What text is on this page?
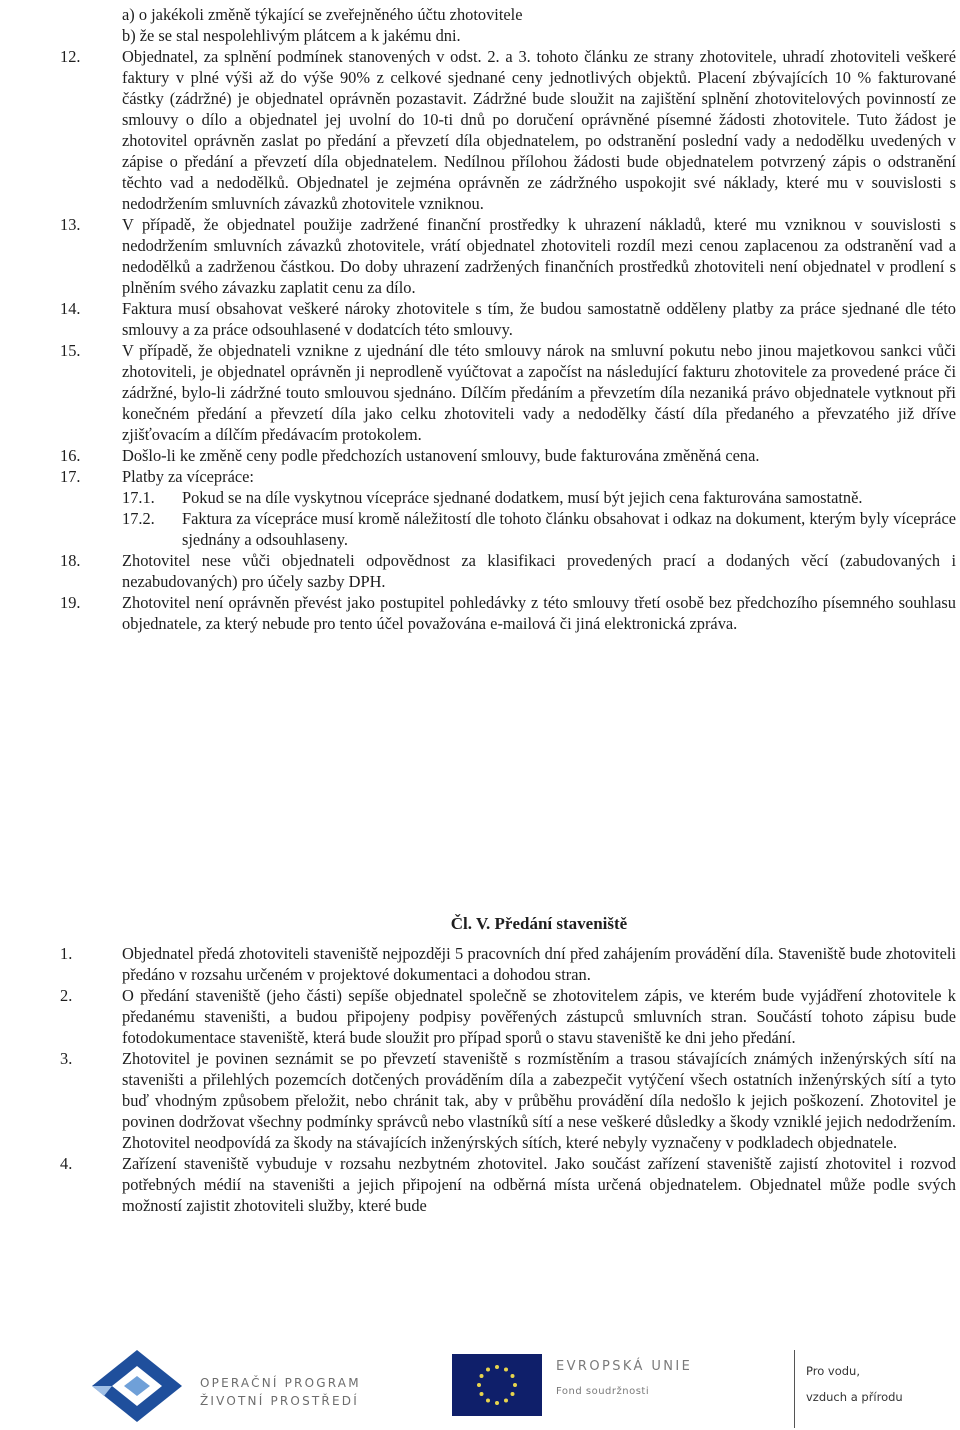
a) o jakékoli změně týkající se zveřejněného účtu zhotovitele
b) že se stal nespolehlivým plátcem a k jakému dni.
12.	Objednatel, za splnění podmínek stanovených v odst. 2. a 3. tohoto článku ze strany zhotovitele, uhradí zhotoviteli veškeré faktury v plné výši až do výše 90% z celkové sjednané ceny jednotlivých objektů. Placení zbývajících 10 % fakturované částky (zádržné) je objednatel oprávněn pozastavit. Zádržné bude sloužit na zajištění splnění zhotovitelových povinností ze smlouvy o dílo a objednatel jej uvolní do 10-ti dnů po doručení oprávněné písemné žádosti zhotovitele. Tuto žádost je zhotovitel oprávněn zaslat po předání a převzetí díla objednatelem, po odstranění poslední vady a nedodělku uvedených v zápise o předání a převzetí díla objednatelem. Nedílnou přílohou žádosti bude objednatelem potvrzený zápis o odstranění těchto vad a nedodělků. Objednatel je zejména oprávněn ze zádržného uspokojit své náklady, které mu v souvislosti s nedodržením smluvních závazků zhotovitele vzniknou.
13.	V případě, že objednatel použije zadržené finanční prostředky k uhrazení nákladů, které mu vzniknou v souvislosti s nedodržením smluvních závazků zhotovitele, vrátí objednatel zhotoviteli rozdíl mezi cenou zaplacenou za odstranění vad a nedodělků a zadrženou částkou. Do doby uhrazení zadržených finančních prostředků zhotoviteli není objednatel v prodlení s plněním svého závazku zaplatit cenu za dílo.
14.	Faktura musí obsahovat veškeré nároky zhotovitele s tím, že budou samostatně odděleny platby za práce sjednané dle této smlouvy a za práce odsouhlasené v dodatcích této smlouvy.
15.	V případě, že objednateli vznikne z ujednání dle této smlouvy nárok na smluvní pokutu nebo jinou majetkovou sankci vůči zhotoviteli, je objednatel oprávněn ji neprodleně vyúčtovat a započíst na následující fakturu zhotovitele za provedené práce či zádržné, bylo-li zádržné touto smlouvou sjednáno. Dílčím předáním a převzetím díla nezaniká právo objednatele vytknout při konečném předání a převzetí díla jako celku zhotoviteli vady a nedodělky částí díla předaného a převzatého již dříve zjišťovacím a dílčím předávacím protokolem.
16.	Došlo-li ke změně ceny podle předchozích ustanovení smlouvy, bude fakturována změněná cena.
17.	Platby za vícepráce:
17.1. Pokud se na díle vyskytnou vícepráce sjednané dodatkem, musí být jejich cena fakturována samostatně.
17.2. Faktura za vícepráce musí kromě náležitostí dle tohoto článku obsahovat i odkaz na dokument, kterým byly vícepráce sjednány a odsouhlaseny.
18.	Zhotovitel nese vůči objednateli odpovědnost za klasifikaci provedených prací a dodaných věcí (zabudovaných i nezabudovaných) pro účely sazby DPH.
19.	Zhotovitel není oprávněn převést jako postupitel pohledávky z této smlouvy třetí osobě bez předchozího písemného souhlasu objednatele, za který nebude pro tento účel považována e-mailová či jiná elektronická zpráva.
Čl. V. Předání staveniště
1.	Objednatel předá zhotoviteli staveniště nejpozději 5 pracovních dní před zahájením provádění díla. Staveniště bude zhotoviteli předáno v rozsahu určeném v projektové dokumentaci a dohodou stran.
2.	O předání staveniště (jeho části) sepíše objednatel společně se zhotovitelem zápis, ve kterém bude vyjádření zhotovitele k předanému staveništi, a budou připojeny podpisy pověřených zástupců smluvních stran. Součástí tohoto zápisu bude fotodokumentace staveniště, která bude sloužit pro případ sporů o stavu staveniště ke dni jeho předání.
3.	Zhotovitel je povinen seznámit se po převzetí staveniště s rozmístěním a trasou stávajících známých inženýrských sítí na staveništi a přilehlých pozemcích dotčených prováděním díla a zabezpečit vytýčení všech ostatních inženýrských sítí a tyto buď vhodným způsobem přeložit, nebo chránit tak, aby v průběhu provádění díla nedošlo k jejich poškození. Zhotovitel je povinen dodržovat všechny podmínky správců nebo vlastníků sítí a nese veškeré důsledky a škody vzniklé jejich nedodržením. Zhotovitel neodpovídá za škody na stávajících inženýrských sítích, které nebyly vyznačeny v podkladech objednatele.
4.	Zařízení staveniště vybuduje v rozsahu nezbytném zhotovitel. Jako součást zařízení staveniště zajistí zhotovitel i rozvod potřebných médií na staveništi a jejich připojení na odběrná místa určená objednatelem. Objednatel může podle svých možností zajistit zhotoviteli služby, které bude
OPERAČNÍ PROGRAM
ŽIVOTNÍ PROSTŘEDÍ
EVROPSKÁ UNIE
Fond soudržnosti
Pro vodu,
vzduch a přírodu
